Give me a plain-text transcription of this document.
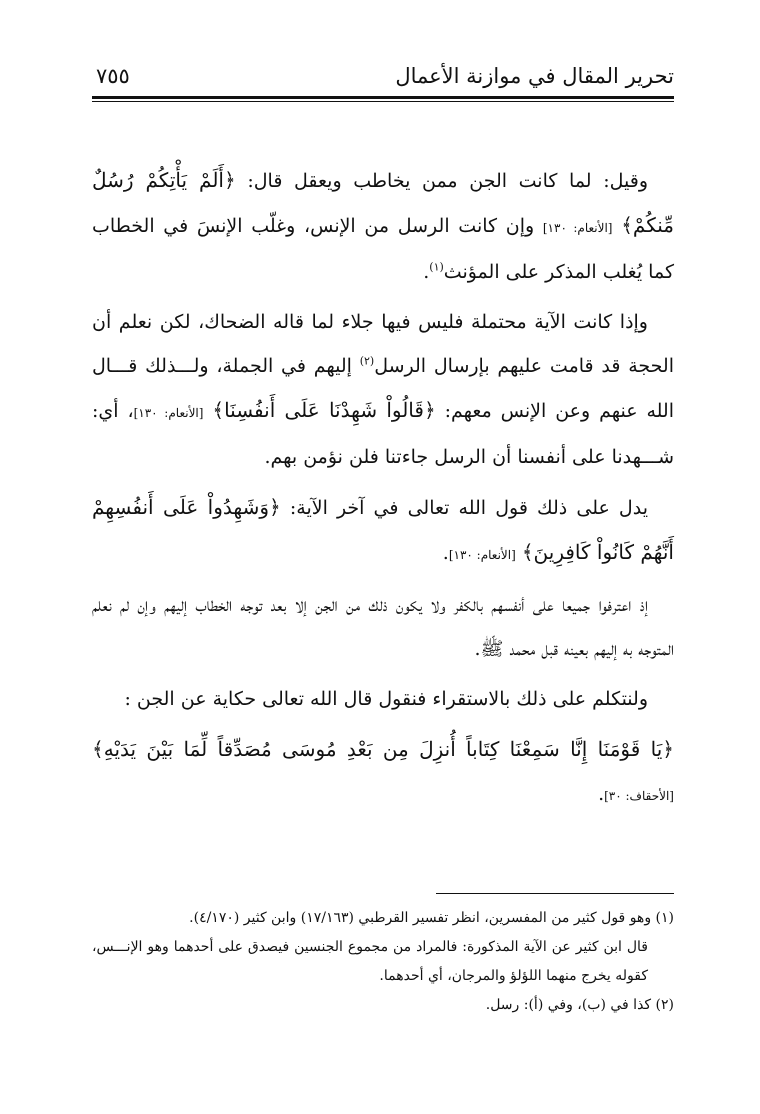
تحرير المقال في موازنة الأعمال
٧٥٥

وقيل: لما كانت الجن ممن يخاطب ويعقل قال: ﴿أَلَمْ يَأْتِكُمْ رُسُلٌ مِّنكُمْ﴾ [الأنعام: ١٣٠] وإن كانت الرسل من الإنس، وغلّب الإنسَ في الخطاب كما يُغلب المذكر على المؤنث$^{(١)}$.

وإذا كانت الآية محتملة فليس فيها جلاء لما قاله الضحاك، لكن نعلم أن الحجة قد قامت عليهم بإرسال الرسل$^{(٢)}$ إليهم في الجملة، ولـــذلك قـــال الله عنهم وعن الإنس معهم: ﴿قَالُواْ شَهِدْنَا عَلَى أَنفُسِنَا﴾ [الأنعام: ١٣٠]، أي: شـــهدنا على أنفسنا أن الرسل جاءتنا فلن نؤمن بهم.

يدل على ذلك قول الله تعالى في آخر الآية: ﴿وَشَهِدُواْ عَلَى أَنفُسِهِمْ أَنَّهُمْ كَانُواْ كَافِرِينَ﴾ [الأنعام: ١٣٠].

إذ اعترفوا جميعا على أنفسهم بالكفر ولا يكون ذلك من الجن إلا بعد توجه الخطاب إليهم وإن لم نعلم المتوجه به إليهم بعينه قبل محمد ﷺ.

ولنتكلم على ذلك بالاستقراء فنقول قال الله تعالى حكاية عن الجن :

﴿يَا قَوْمَنَا إِنَّا سَمِعْنَا كِتَاباً أُنزِلَ مِن بَعْدِ مُوسَى مُصَدِّقاً لِّمَا بَيْنَ يَدَيْهِ﴾ [الأحقاف: ٣٠].

(١) وهو قول كثير من المفسرين، انظر تفسير القرطبي (١٧/١٦٣) وابن كثير (٤/١٧٠).

قال ابن كثير عن الآية المذكورة: فالمراد من مجموع الجنسين فيصدق على أحدهما وهو الإنـــس، كقوله يخرج منهما اللؤلؤ والمرجان، أي أحدهما.

(٢) كذا في (ب)، وفي (أ): رسل.
